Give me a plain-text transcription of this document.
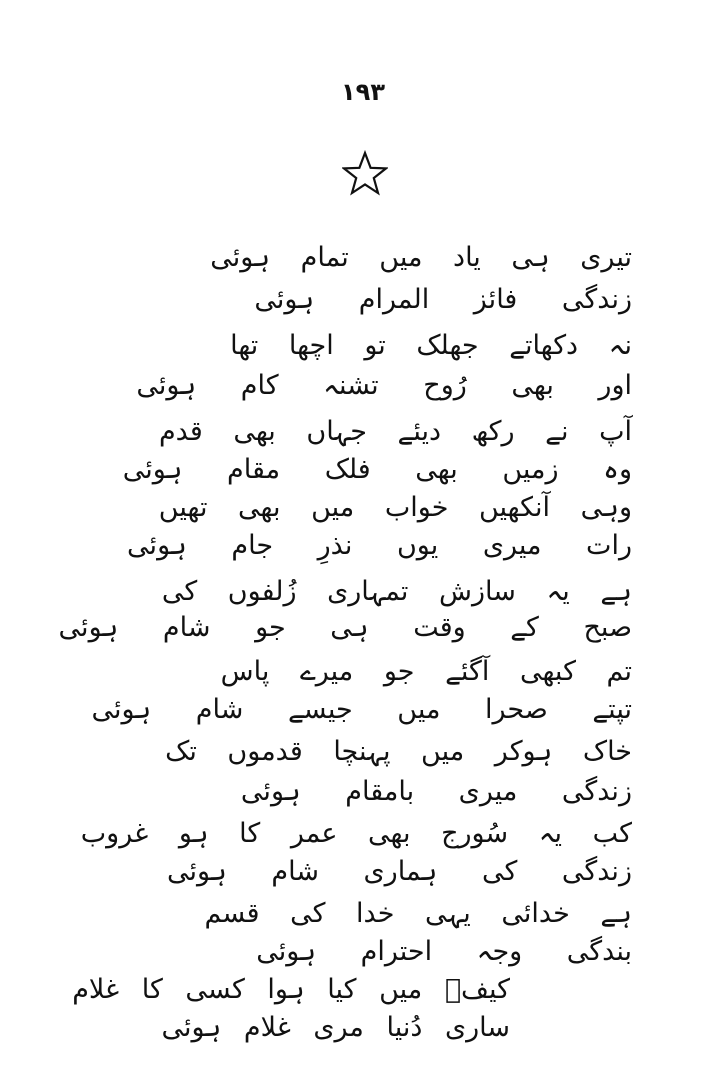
۱۹۳
تیری ہی یاد میں تمام ہوئی
زندگی فائز المرام ہوئی
نہ دکھاتے جھلک تو اچھا تھا
اور بھی رُوح تشنہ کام ہوئی
آپ نے رکھ دیئے جہاں بھی قدم
وہ زمیں بھی فلک مقام ہوئی
وہی آنکھیں خواب میں بھی تھیں
رات میری یوں نذرِ جام ہوئی
ہے یہ سازش تمہاری زُلفوں کی
صبح کے وقت ہی جو شام ہوئی
تم کبھی آگئے جو میرے پاس
تپتے صحرا میں جیسے شام ہوئی
خاک ہوکر میں پہنچا قدموں تک
زندگی میری بامقام ہوئی
کب یہ سُورج بھی عمر کا ہو غروب
زندگی کی ہماری شام ہوئی
ہے خدائی یہی خدا کی قسم
بندگی وجہ احترام ہوئی
کیفؔ میں کیا ہوا کسی کا غلام
ساری دُنیا مری غلام ہوئی
